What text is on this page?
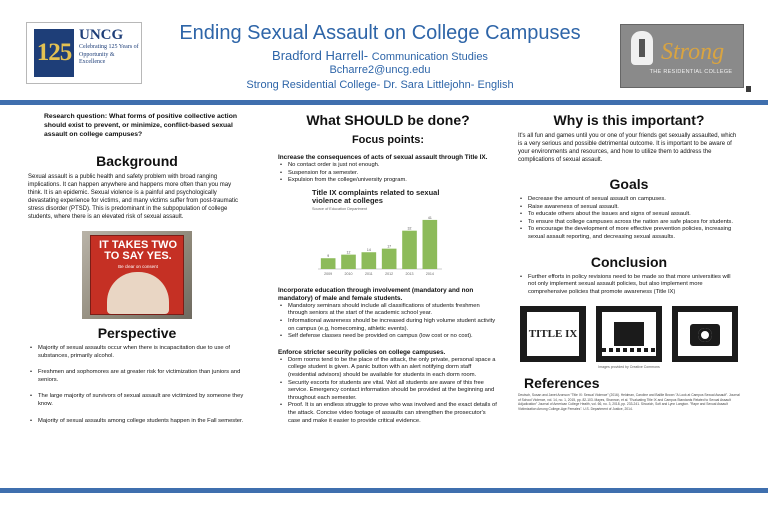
125
UNCG
Celebrating 125 Years of Opportunity & Excellence
Ending Sexual Assault on College Campuses
Bradford Harrell- Communication Studies
Bcharre2@uncg.edu
Strong Residential College- Dr. Sara Littlejohn- English
Strong
THE RESIDENTIAL COLLEGE
Research question: What forms of positive collective action should exist to prevent, or minimize, conflict-based sexual assault on college campuses?
Background
Sexual assault is a public health and safety problem with broad ranging implications. It can happen anywhere and happens more often than you may think. It is an epidemic. Sexual violence is a painful and psychologically devastating experience for victims, and many victims suffer from post-traumatic stress disorder (PTSD). This is predominant in the subpopulation of college students, where there is an elevated risk of sexual assault.
IT TAKES TWO TO SAY YES.
Be clear on consent
Perspective
• Majority of sexual assaults occur when there is incapacitation due to use of substances, primarily alcohol.
• Freshmen and sophomores are at greater risk for victimization than juniors and seniors.
• The large majority of survivors of sexual assault are victimized by someone they know.
• Majority of sexual assaults among college students happen in the Fall semester.
What SHOULD be done?
Focus points:
Increase the consequences of acts of sexual assault through Title IX.
• No contact order is just not enough.
• Suspension for a semester.
• Expulsion from the college/university program.
Title IX complaints related to sexual violence at colleges
Source of Education Department
9
2009
12
2010
14
2011
17
2012
32
2013
41
2014
Incorporate education through involvement (mandatory and non mandatory) of male and female students.
• Mandatory seminars should include all classifications of students freshmen through seniors at the start of the academic school year.
• Informational awareness should be increased during high volume student activity on campus (e.g, homecoming, athletic events).
• Self defense classes need be provided on campus (low cost or no cost).
Enforce stricter security policies on college campuses.
• Dorm rooms tend to be the place of the attack, the only private, personal space a college student is given. A panic button with an alert notifying dorm staff (residential advisors) should be available for students in each dorm room.
• Security escorts for students are vital. \Not all students are aware of this free service. Emergency contact information should be provided at the beginning and throughout each semester.
• Proof. It is an endless struggle to prove who was involved and the exact details of the attack. Concise video footage of assaults can strengthen the prosecutor's case and make it easier to provide critical evidence.
Why is this important?
It's all fun and games until you or one of your friends get sexually assaulted, which is a very serious and possible detrimental outcome. It is important to be aware of your environments and resources, and how to utilize them to address the complications of sexual assault.
Goals
• Decrease the amount of sexual assault on campuses.
• Raise awareness of sexual assault.
• To educate others about the issues and signs of sexual assault.
• To ensure that college campuses across the nation are safe places for students.
• To encourage the development of more effective prevention policies, increasing sexual assault reporting, and decreasing sexual assaults.
Conclusion
• Further efforts in policy revisions need to be made so that more universities will not only implement sexual assault policies, but also implement more comprehensive policies that promote awareness (Title IX)
TITLE IX
Images provided by Creative Commons
References
Deutsch, Susan and Janet Aronson "Title IX: Sexual Violence" (2016). Heldman, Caroline and Baillie Brown "A Look at Campus Sexual Assault". Journal of School Violence, vol. 14, no. 1, 2015, pp. 82-103. Mayes, Shannon, et al. "Evaluating Title IX and Campus Standards Related to Sexual Assault Adjudication" Journal of American College Health, vol. 66, no. 3, 2018, pp. 233-241. Sinozich, Sofi and Lynn Langton. "Rape and Sexual Assault Victimization Among College-Age Females". U.S. Department of Justice, 2014.
